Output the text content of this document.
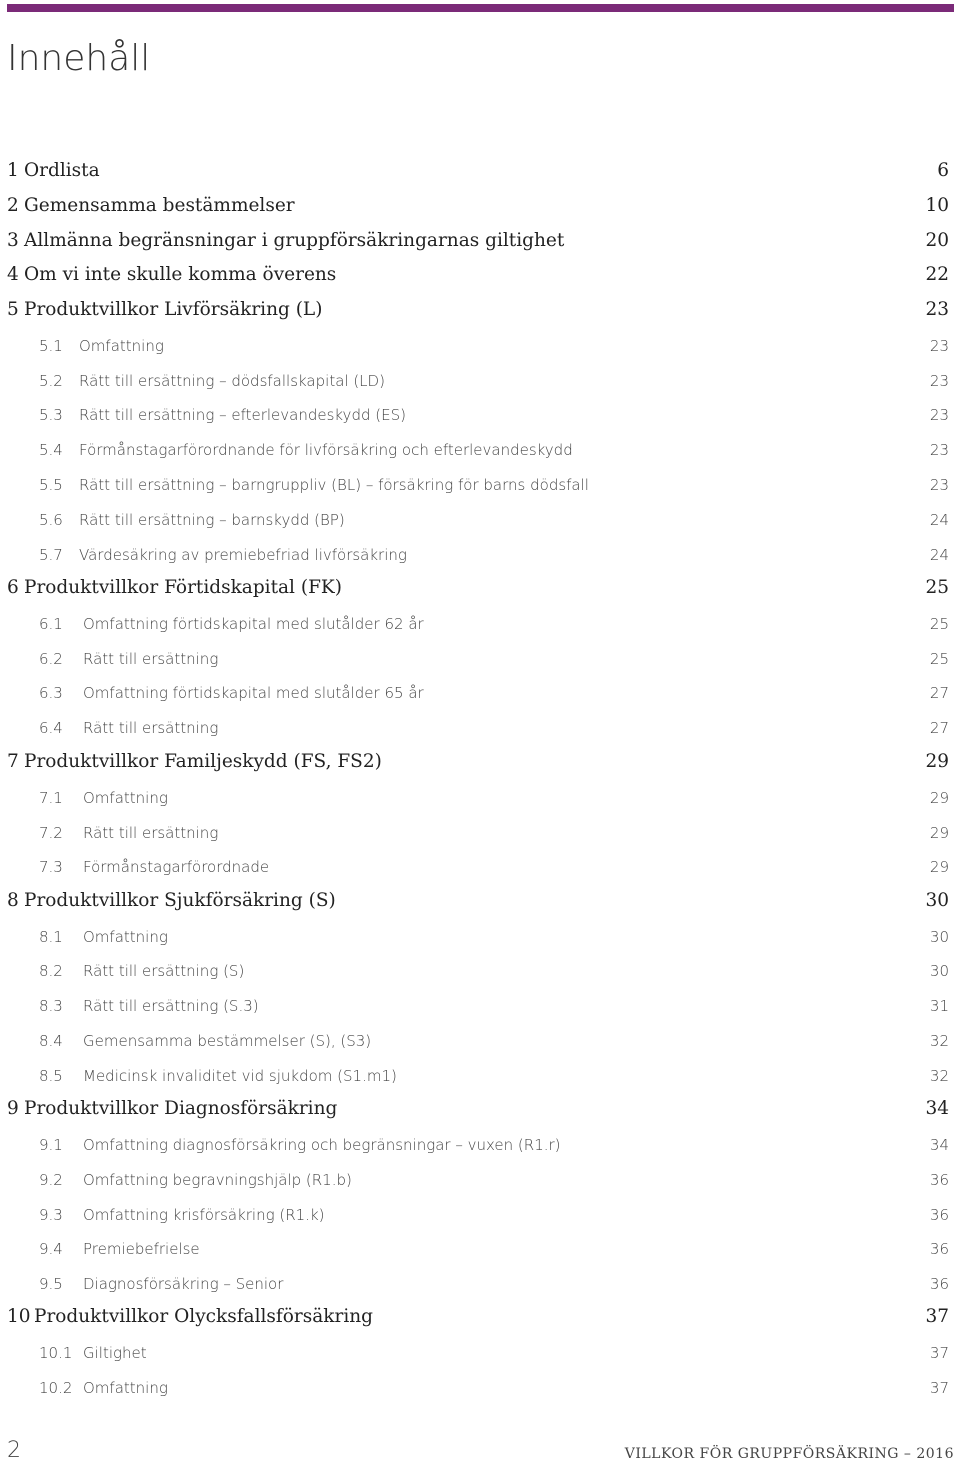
Innehåll
1 Ordlista	6
2 Gemensamma bestämmelser	10
3 Allmänna begränsningar i gruppförsäkringarnas giltighet	20
4 Om vi inte skulle komma överens	22
5 Produktvillkor Livförsäkring (L)	23
5.1 Omfattning	23
5.2 Rätt till ersättning – dödsfallskapital (LD)	23
5.3 Rätt till ersättning – efterlevandeskydd (ES)	23
5.4 Förmånstagarförordnande för livförsäkring och efterlevandeskydd	23
5.5 Rätt till ersättning – barngruppliv (BL) – försäkring för barns dödsfall	23
5.6 Rätt till ersättning – barnskydd (BP)	24
5.7 Värdesäkring av premiebefriad livförsäkring	24
6 Produktvillkor Förtidskapital (FK)	25
6.1 Omfattning förtidskapital med slutålder 62 år	25
6.2 Rätt till ersättning	25
6.3 Omfattning förtidskapital med slutålder 65 år	27
6.4 Rätt till ersättning	27
7 Produktvillkor Familjeskydd (FS, FS2)	29
7.1 Omfattning	29
7.2 Rätt till ersättning	29
7.3 Förmånstagarförordnade	29
8 Produktvillkor Sjukförsäkring (S)	30
8.1 Omfattning	30
8.2 Rätt till ersättning (S)	30
8.3 Rätt till ersättning (S.3)	31
8.4 Gemensamma bestämmelser (S), (S3)	32
8.5 Medicinsk invaliditet vid sjukdom (S1.m1)	32
9 Produktvillkor Diagnosförsäkring	34
9.1 Omfattning diagnosförsäkring och begränsningar – vuxen (R1.r)	34
9.2 Omfattning begravningshjälp (R1.b)	36
9.3 Omfattning krisförsäkring (R1.k)	36
9.4 Premiebefrielse	36
9.5 Diagnosförsäkring – Senior	36
10 Produktvillkor Olycksfallsförsäkring	37
10.1 Giltighet	37
10.2 Omfattning	37
2	VILLKOR FÖR GRUPPFÖRSÄKRING – 2016
